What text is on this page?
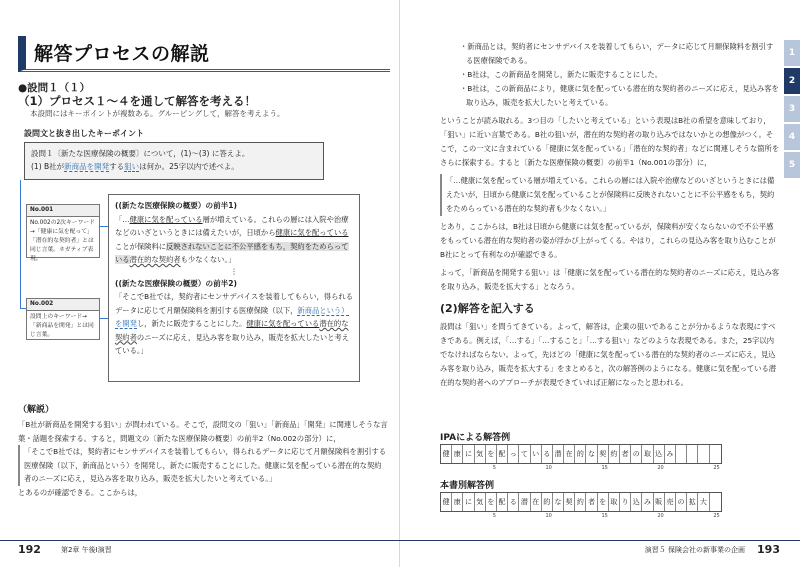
解答プロセスの解説
●設問１（１）
（1）プロセス１～４を通して解答を考える！
本設問にはキーポイントが複数ある。グルーピングして，解答を考えよう。
設問文と抜き出したキーポイント
設問１〔新たな医療保険の概要〕について，(1)～(3) に答えよ。
(1) B社が新商品を開発する狙いは何か。25字以内で述べよ。
No.001
No.002の2次キーワード→「健康に気を配って」「潜在的な契約者」とは同じ言葉。ネガティブ表現。
No.002
設問上のキーワード→「新商品を開発」とは同じ言葉。
((新たな医療保険の概要）の前半1)
「…健康に気を配っている層が増えている。これらの層には入院や治療などのいざというときには備えたいが，日頃から健康に気を配っていることが保険料に反映されないことに不公平感をもち，契約をためらっている潜在的な契約者も少なくない。」
⋮
((新たな医療保険の概要）の前半2)
「そこでB社では，契約者にセンサデバイスを装着してもらい，得られるデータに応じて月額保険料を割引する医療保険（以下，新商品という）を開発し，新たに販売することにした。健康に気を配っている潜在的な契約者のニーズに応え，見込み客を取り込み，販売を拡大したいと考えている。」
（解説）

「B社が新商品を開発する狙い」が問われている。そこで，設問文の「狙い」「新商品」「開発」に関連しそうな言葉・話題を探索する。すると，問題文の〔新たな医療保険の概要〕の前半2（No.002の部分）に，

「そこでB社では，契約者にセンサデバイスを装着してもらい，得られるデータに応じて月額保険料を割引する医療保険（以下，新商品という）を開発し，新たに販売することにした。健康に気を配っている潜在的な契約者のニーズに応え，見込み客を取り込み，販売を拡大したいと考えている。」

とあるのが確認できる。ここからは，

192	第2章 午後Ⅰ演習

・新商品とは，契約者にセンサデバイスを装着してもらい，データに応じて月額保険料を割引する医療保険である。

・B社は，この新商品を開発し，新たに販売することにした。

・B社は，この新商品により，健康に気を配っている潜在的な契約者のニーズに応え，見込み客を取り込み，販売を拡大したいと考えている。

ということが読み取れる。3つ目の「したいと考えている」という表現はB社の希望を意味しており，「狙い」に近い言葉である。B社の狙いが，潜在的な契約者の取り込みではないかとの想像がつく。そこで，この一文に含まれている「健康に気を配っている」「潜在的な契約者」などに関連しそうな箇所をさらに探索する。すると〔新たな医療保険の概要〕の前半1（No.001の部分）に，

「…健康に気を配っている層が増えている。これらの層には入院や治療などのいざというときには備えたいが，日頃から健康に気を配っていることが保険料に反映されないことに不公平感をもち，契約をためらっている潜在的な契約者も少なくない。」

とあり，ここからは，B社は日頃から健康には気を配っているが，保険料が安くならないので不公平感をもっている潜在的な契約者の姿が浮かび上がってくる。やはり，これらの見込み客を取り込むことがB社にとって有利なのが確認できる。

よって，「新商品を開発する狙い」は「健康に気を配っている潜在的な契約者のニーズに応え，見込み客を取り込み，販売を拡大する」となろう。

(2)解答を記入する

設問は「狙い」を問うてきている。よって，解答は，企業の狙いであることが分かるような表現にすべきである。例えば，「…する」「…すること」「…する狙い」などのような表現である。また，25字以内でなければならない。よって，先ほどの「健康に気を配っている潜在的な契約者のニーズに応え，見込み客を取り込み，販売を拡大する」をまとめると，次の解答例のようになる。健康に気を配っている潜在的な契約者へのアプローチが表現できていれば正解になったと思われる。

IPAによる解答例
健 康 に 気 を 配 っ て い る 潜 在 的 な 契 約 者 の 取 込 み
5	10	15	20	25
本書別解答例
健 康 に 気 を 配 る 潜 在 的 な 契 約 者 を 取 り 込 み 販 売 の 拡 大
5	10	15	20	25
演習５ 保険会社の新事業の企画 193
1
2
3
4
5
